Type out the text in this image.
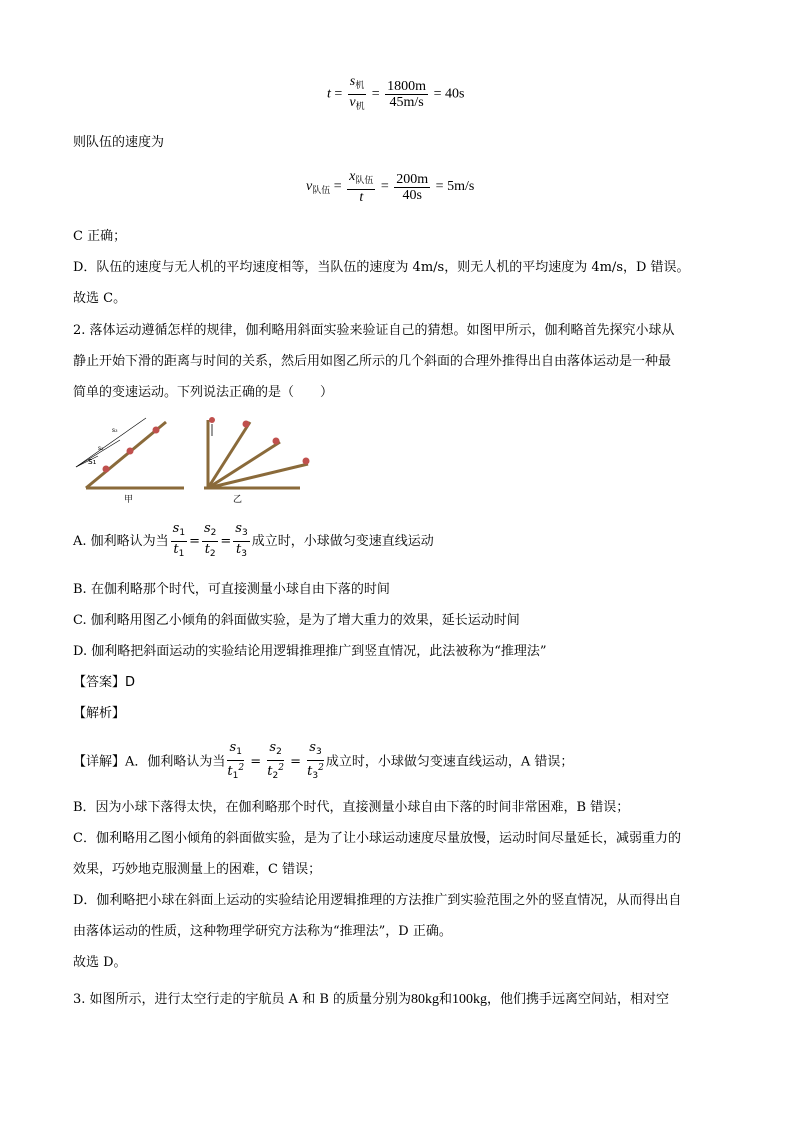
$t = \frac{s_机}{v_机} = \frac{1800m}{45m/s} = 40s$
则队伍的速度为
$v_{队伍} = \frac{x_{队伍}}{t} = \frac{200m}{40s} = 5m/s$
C 正确；
D．队伍的速度与无人机的平均速度相等，当队伍的速度为 4m/s，则无人机的平均速度为 4m/s，D 错误。
故选 C。
2. 落体运动遵循怎样的规律，伽利略用斜面实验来验证自己的猜想。如图甲所示，伽利略首先探究小球从
静止开始下滑的距离与时间的关系，然后用如图乙所示的几个斜面的合理外推得出自由落体运动是一种最
简单的变速运动。下列说法正确的是（　　）
s₁
s₂
s₃
甲	乙
A. 伽利略认为当 $\frac{s_1}{t_1} = \frac{s_2}{t_2} = \frac{s_3}{t_3}$ 成立时，小球做匀变速直线运动
B. 在伽利略那个时代，可直接测量小球自由下落的时间
C. 伽利略用图乙小倾角的斜面做实验，是为了增大重力的效果，延长运动时间
D. 伽利略把斜面运动的实验结论用逻辑推理推广到竖直情况，此法被称为“推理法”
【答案】D
【解析】
【详解】A．伽利略认为当 $\frac{s_1}{t_1^2} = \frac{s_2}{t_2^2} = \frac{s_3}{t_3^2}$ 成立时，小球做匀变速直线运动，A 错误；
B．因为小球下落得太快，在伽利略那个时代，直接测量小球自由下落的时间非常困难，B 错误；
C．伽利略用乙图小倾角的斜面做实验，是为了让小球运动速度尽量放慢，运动时间尽量延长，减弱重力的
效果，巧妙地克服测量上的困难，C 错误；
D．伽利略把小球在斜面上运动的实验结论用逻辑推理的方法推广到实验范围之外的竖直情况，从而得出自
由落体运动的性质，这种物理学研究方法称为“推理法”，D 正确。
故选 D。
3. 如图所示，进行太空行走的宇航员 A 和 B 的质量分别为80kg和100kg，他们携手远离空间站，相对空
